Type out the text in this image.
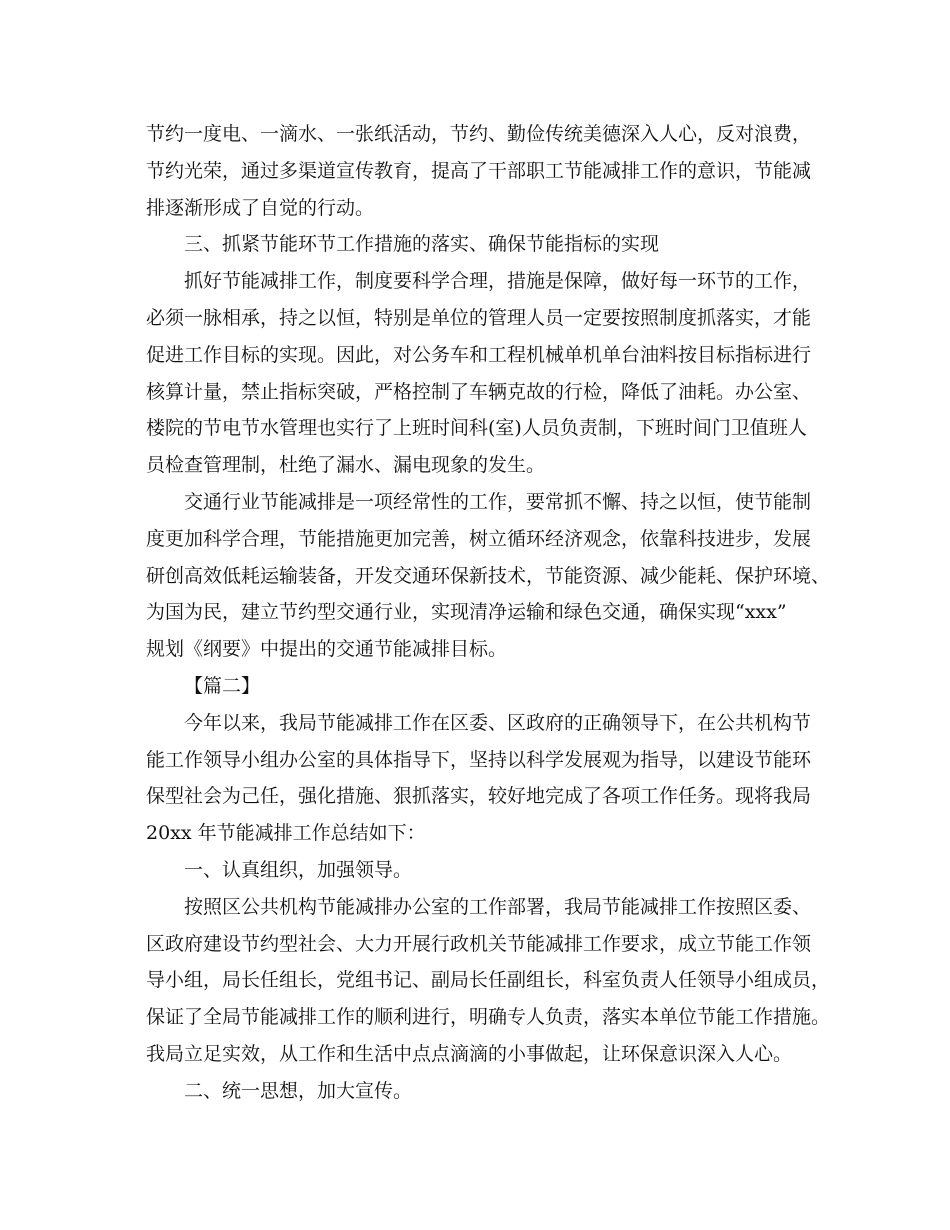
节约一度电、一滴水、一张纸活动，节约、勤俭传统美德深入人心，反对浪费，
节约光荣，通过多渠道宣传教育，提高了干部职工节能减排工作的意识，节能减
排逐渐形成了自觉的行动。
三、抓紧节能环节工作措施的落实、确保节能指标的实现
抓好节能减排工作，制度要科学合理，措施是保障，做好每一环节的工作，
必须一脉相承，持之以恒，特别是单位的管理人员一定要按照制度抓落实，才能
促进工作目标的实现。因此，对公务车和工程机械单机单台油料按目标指标进行
核算计量，禁止指标突破，严格控制了车辆克故的行检，降低了油耗。办公室、
楼院的节电节水管理也实行了上班时间科(室)人员负责制，下班时间门卫值班人
员检查管理制，杜绝了漏水、漏电现象的发生。
交通行业节能减排是一项经常性的工作，要常抓不懈、持之以恒，使节能制
度更加科学合理，节能措施更加完善，树立循环经济观念，依靠科技进步，发展
研创高效低耗运输装备，开发交通环保新技术，节能资源、减少能耗、保护环境、
为国为民，建立节约型交通行业，实现清净运输和绿色交通，确保实现“xxx”
规划《纲要》中提出的交通节能减排目标。
【篇二】
今年以来，我局节能减排工作在区委、区政府的正确领导下，在公共机构节
能工作领导小组办公室的具体指导下，坚持以科学发展观为指导，以建设节能环
保型社会为己任，强化措施、狠抓落实，较好地完成了各项工作任务。现将我局
20xx 年节能减排工作总结如下：
一、认真组织，加强领导。
按照区公共机构节能减排办公室的工作部署，我局节能减排工作按照区委、
区政府建设节约型社会、大力开展行政机关节能减排工作要求，成立节能工作领
导小组，局长任组长，党组书记、副局长任副组长，科室负责人任领导小组成员，
保证了全局节能减排工作的顺利进行，明确专人负责，落实本单位节能工作措施。
我局立足实效，从工作和生活中点点滴滴的小事做起，让环保意识深入人心。
二、统一思想，加大宣传。
